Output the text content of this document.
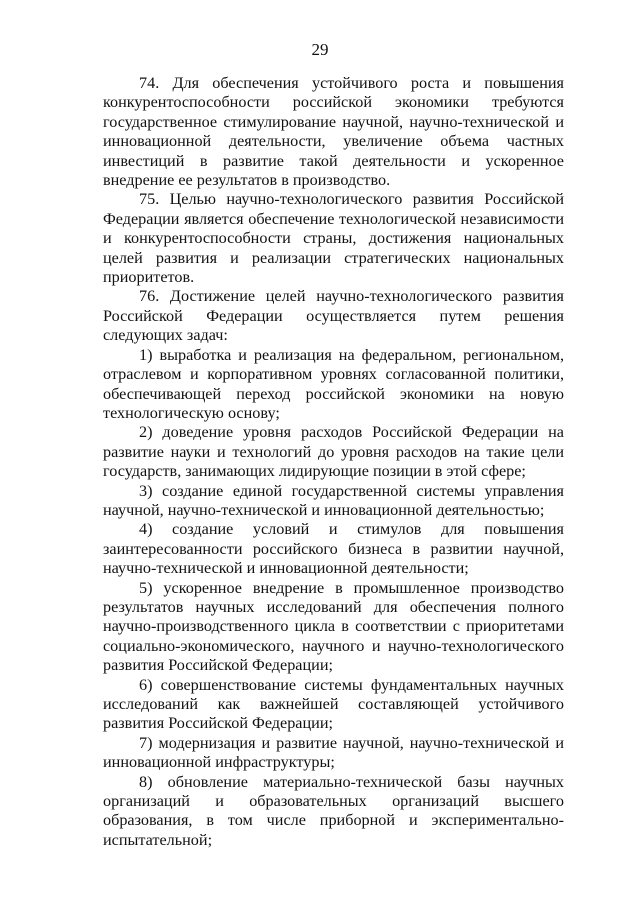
29

74. Для обеспечения устойчивого роста и повышения конкурентоспособности российской экономики требуются государственное стимулирование научной, научно-технической и инновационной деятельности, увеличение объема частных инвестиций в развитие такой деятельности и ускоренное внедрение ее результатов в производство.

75. Целью научно-технологического развития Российской Федерации является обеспечение технологической независимости и конкурентоспособности страны, достижения национальных целей развития и реализации стратегических национальных приоритетов.

76. Достижение целей научно-технологического развития Российской Федерации осуществляется путем решения следующих задач:

1) выработка и реализация на федеральном, региональном, отраслевом и корпоративном уровнях согласованной политики, обеспечивающей переход российской экономики на новую технологическую основу;

2) доведение уровня расходов Российской Федерации на развитие науки и технологий до уровня расходов на такие цели государств, занимающих лидирующие позиции в этой сфере;

3) создание единой государственной системы управления научной, научно-технической и инновационной деятельностью;

4) создание условий и стимулов для повышения заинтересованности российского бизнеса в развитии научной, научно-технической и инновационной деятельности;

5) ускоренное внедрение в промышленное производство результатов научных исследований для обеспечения полного научно-производственного цикла в соответствии с приоритетами социально-экономического, научного и научно-технологического развития Российской Федерации;

6) совершенствование системы фундаментальных научных исследований как важнейшей составляющей устойчивого развития Российской Федерации;

7) модернизация и развитие научной, научно-технической и инновационной инфраструктуры;

8) обновление материально-технической базы научных организаций и образовательных организаций высшего образования, в том числе приборной и экспериментально-испытательной;
